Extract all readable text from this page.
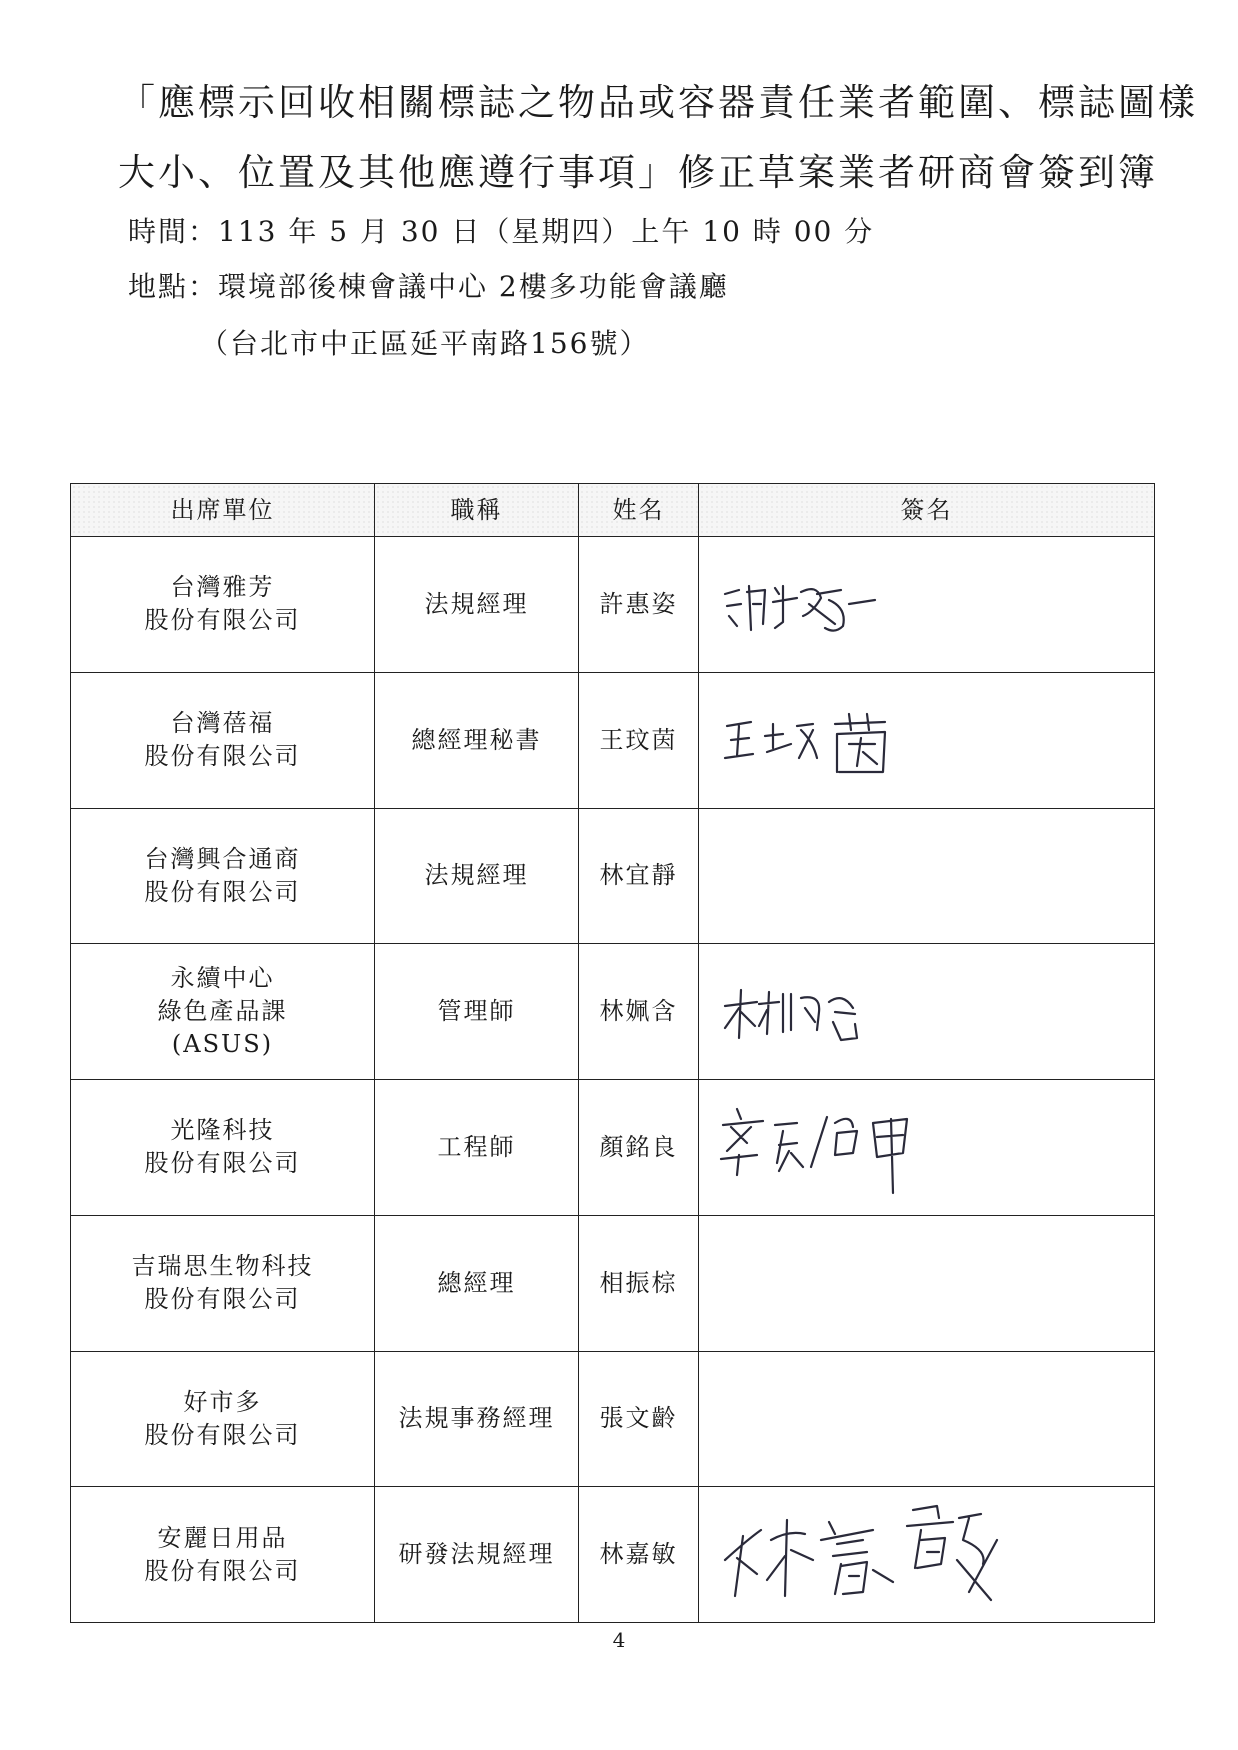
「應標示回收相關標誌之物品或容器責任業者範圍、標誌圖樣
大小、位置及其他應遵行事項」修正草案業者研商會簽到簿
時間：113 年 5 月 30 日（星期四）上午 10 時 00 分
地點：環境部後棟會議中心 2樓多功能會議廳
（台北市中正區延平南路156號）
出席單位	職稱	姓名	簽名
台灣雅芳
股份有限公司	法規經理	許惠姿	

台灣蓓福
股份有限公司	總經理秘書	王玟茵	

台灣興合通商
股份有限公司	法規經理	林宜靜	
永續中心
綠色產品課
(ASUS)	管理師	林姵含	

光隆科技
股份有限公司	工程師	顏銘良	

吉瑞思生物科技
股份有限公司	總經理	相振棕	
好市多
股份有限公司	法規事務經理	張文齡	
安麗日用品
股份有限公司	研發法規經理	林嘉敏	
4
